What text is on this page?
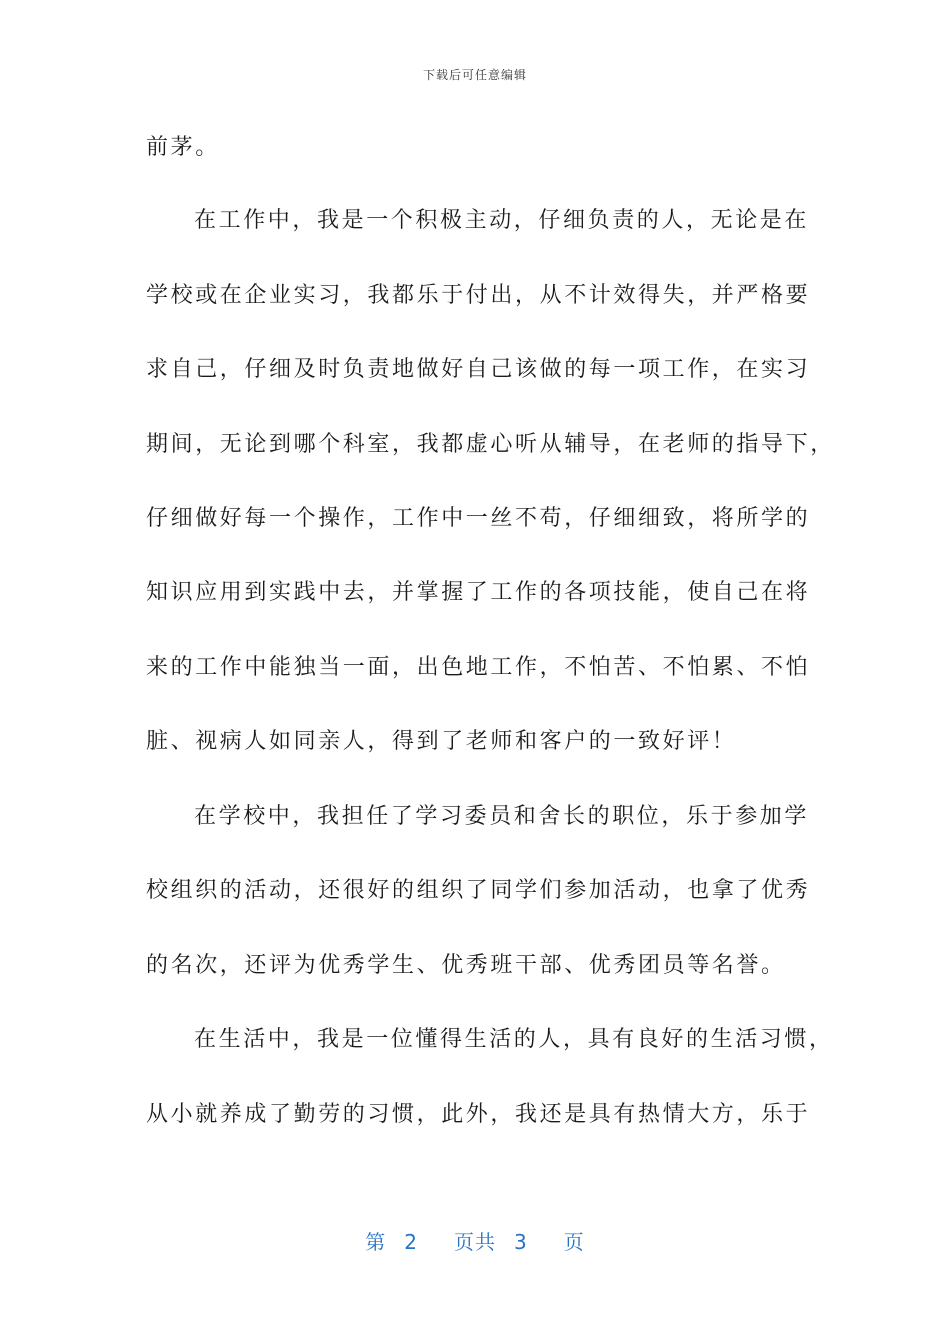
下载后可任意编辑
前茅。
在工作中，我是一个积极主动，仔细负责的人，无论是在
学校或在企业实习，我都乐于付出，从不计效得失，并严格要
求自己，仔细及时负责地做好自己该做的每一项工作，在实习
期间，无论到哪个科室，我都虚心听从辅导，在老师的指导下，
仔细做好每一个操作，工作中一丝不苟，仔细细致，将所学的
知识应用到实践中去，并掌握了工作的各项技能，使自己在将
来的工作中能独当一面，出色地工作，不怕苦、不怕累、不怕
脏、视病人如同亲人，得到了老师和客户的一致好评！
在学校中，我担任了学习委员和舍长的职位，乐于参加学
校组织的活动，还很好的组织了同学们参加活动，也拿了优秀
的名次，还评为优秀学生、优秀班干部、优秀团员等名誉。
在生活中，我是一位懂得生活的人，具有良好的生活习惯，
从小就养成了勤劳的习惯，此外，我还是具有热情大方，乐于
第 2 页共 3 页
